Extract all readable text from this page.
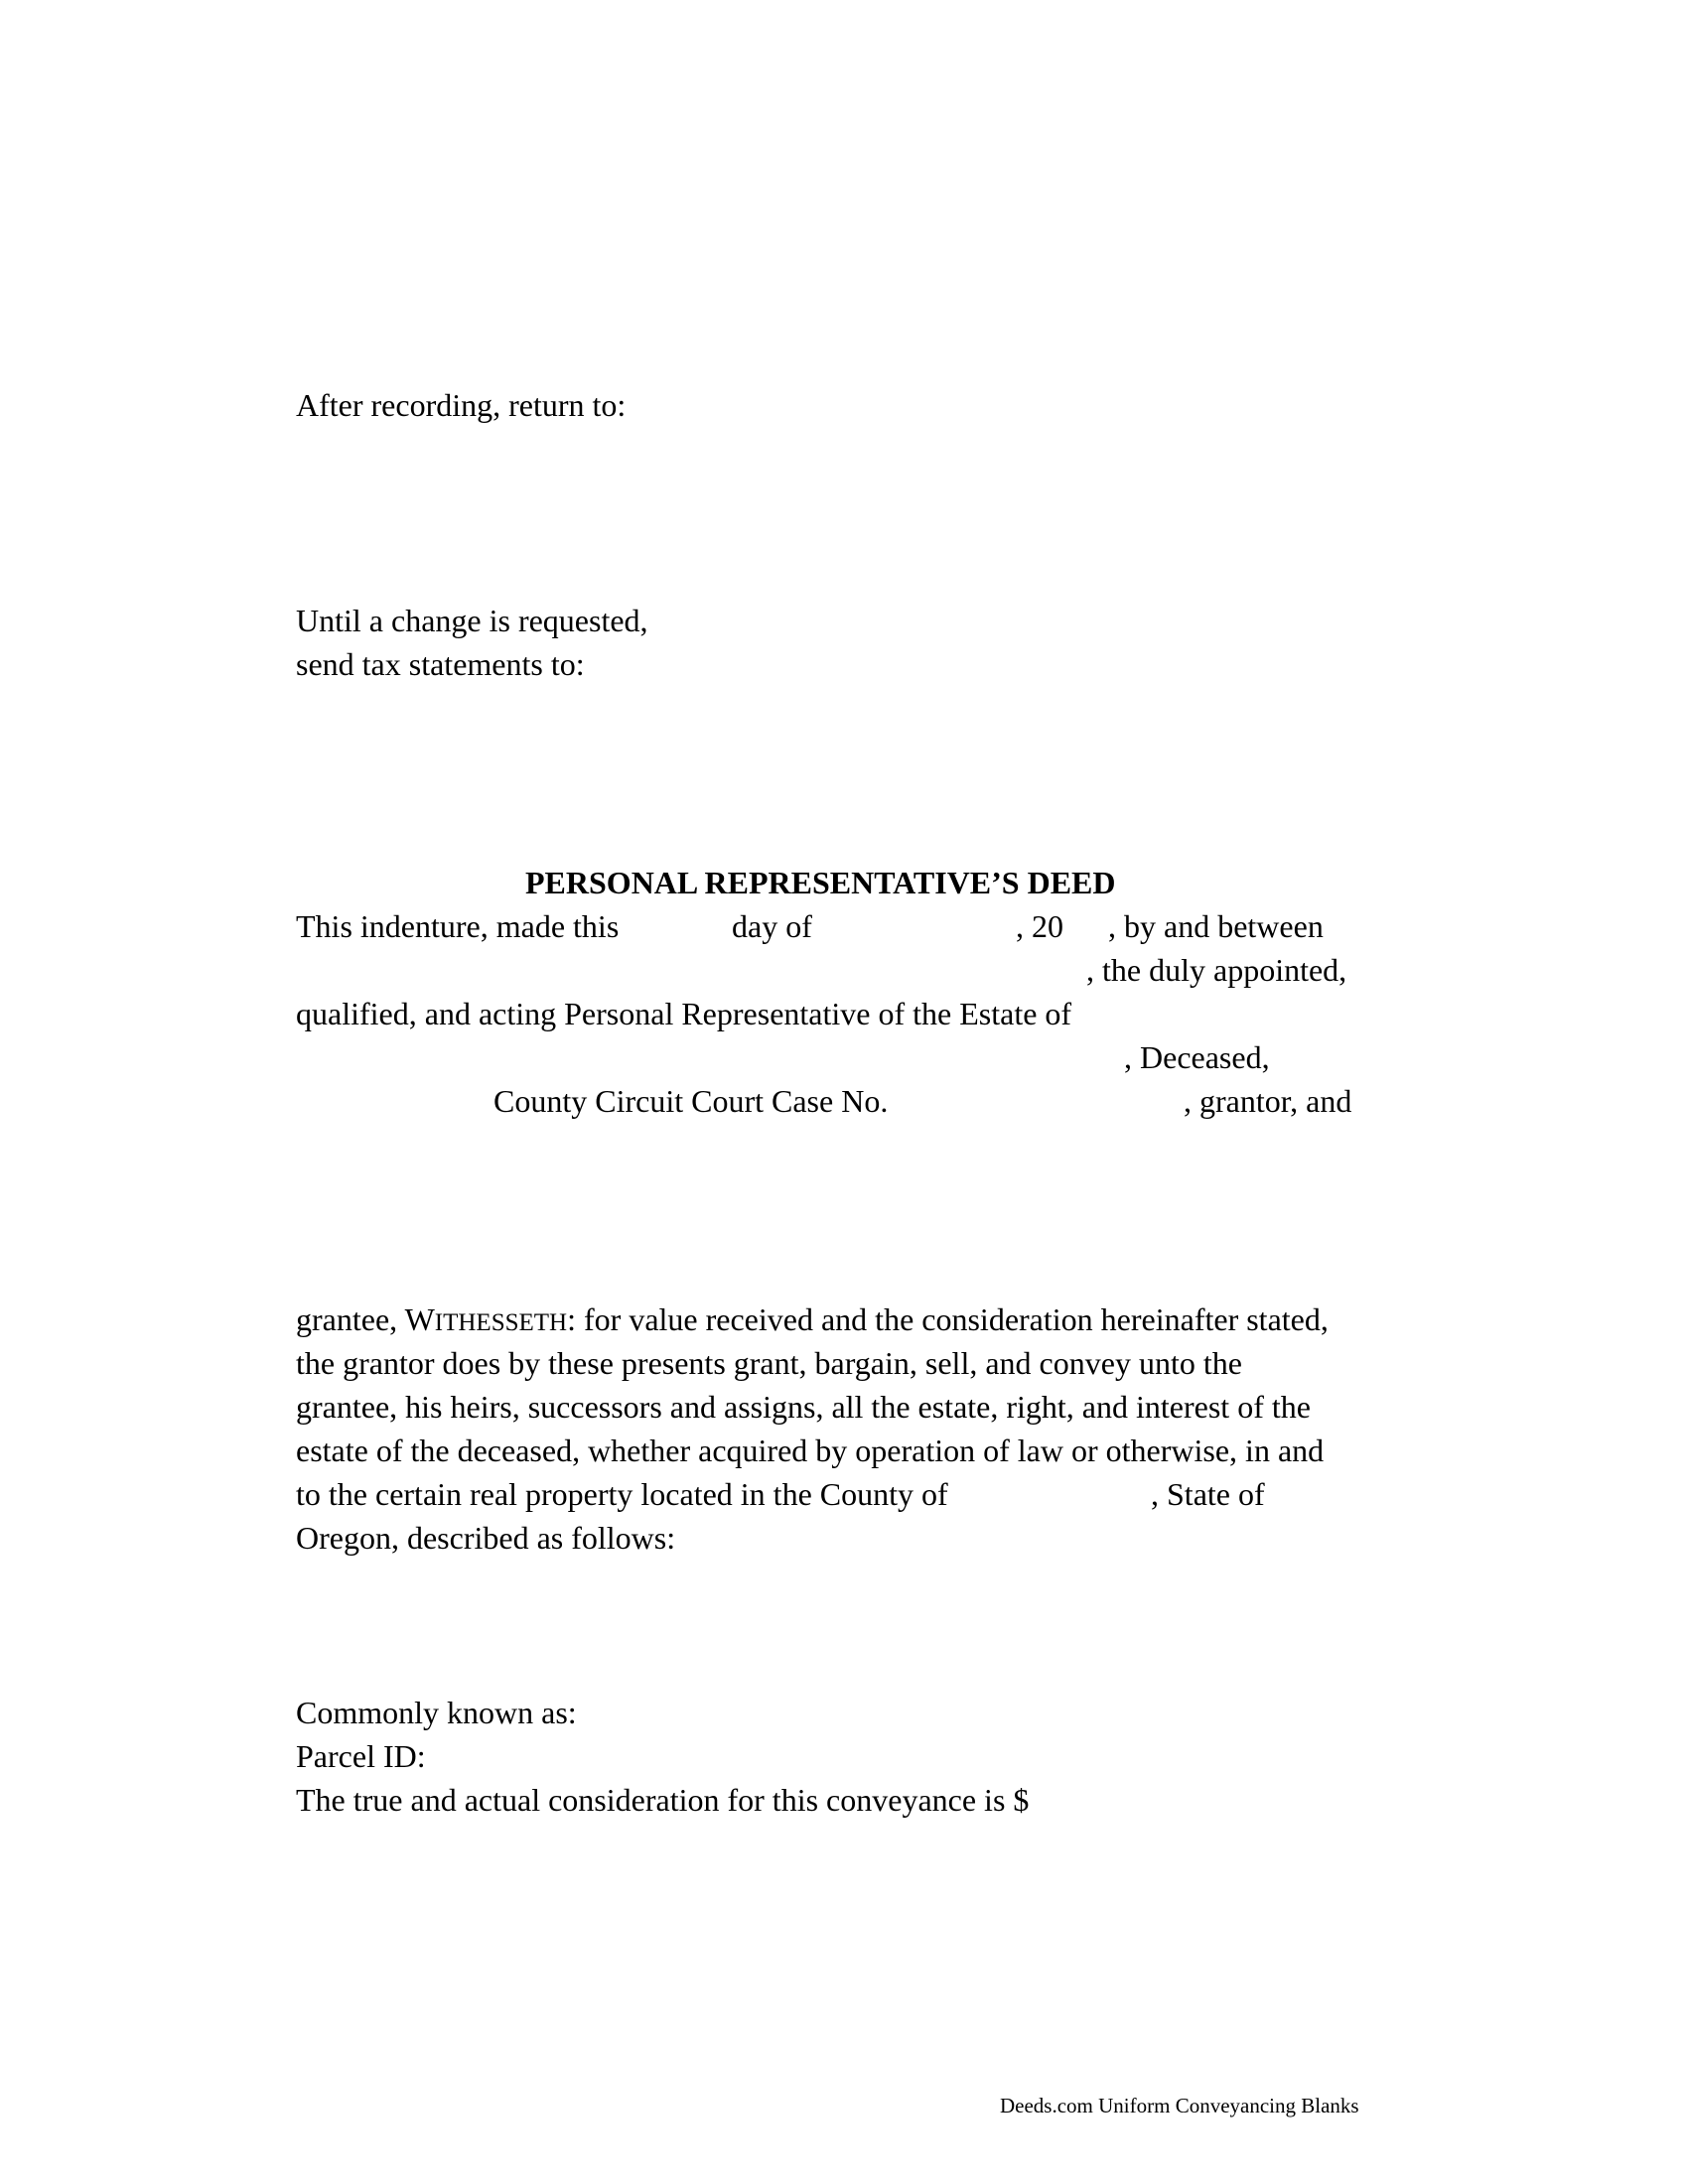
After recording, return to:
Until a change is requested,
send tax statements to:
PERSONAL REPRESENTATIVE’S DEED
This indenture, made this	day of	, 20 , by and between
, the duly appointed,
qualified, and acting Personal Representative of the Estate of
, Deceased,
County Circuit Court Case No.	, grantor, and
grantee, WITHESSETH: for value received and the consideration hereinafter stated,
the grantor does by these presents grant, bargain, sell, and convey unto the
grantee, his heirs, successors and assigns, all the estate, right, and interest of the
estate of the deceased, whether acquired by operation of law or otherwise, in and
to the certain real property located in the County of	, State of
Oregon, described as follows:
Commonly known as:
Parcel ID:
The true and actual consideration for this conveyance is $
Deeds.com Uniform Conveyancing Blanks
